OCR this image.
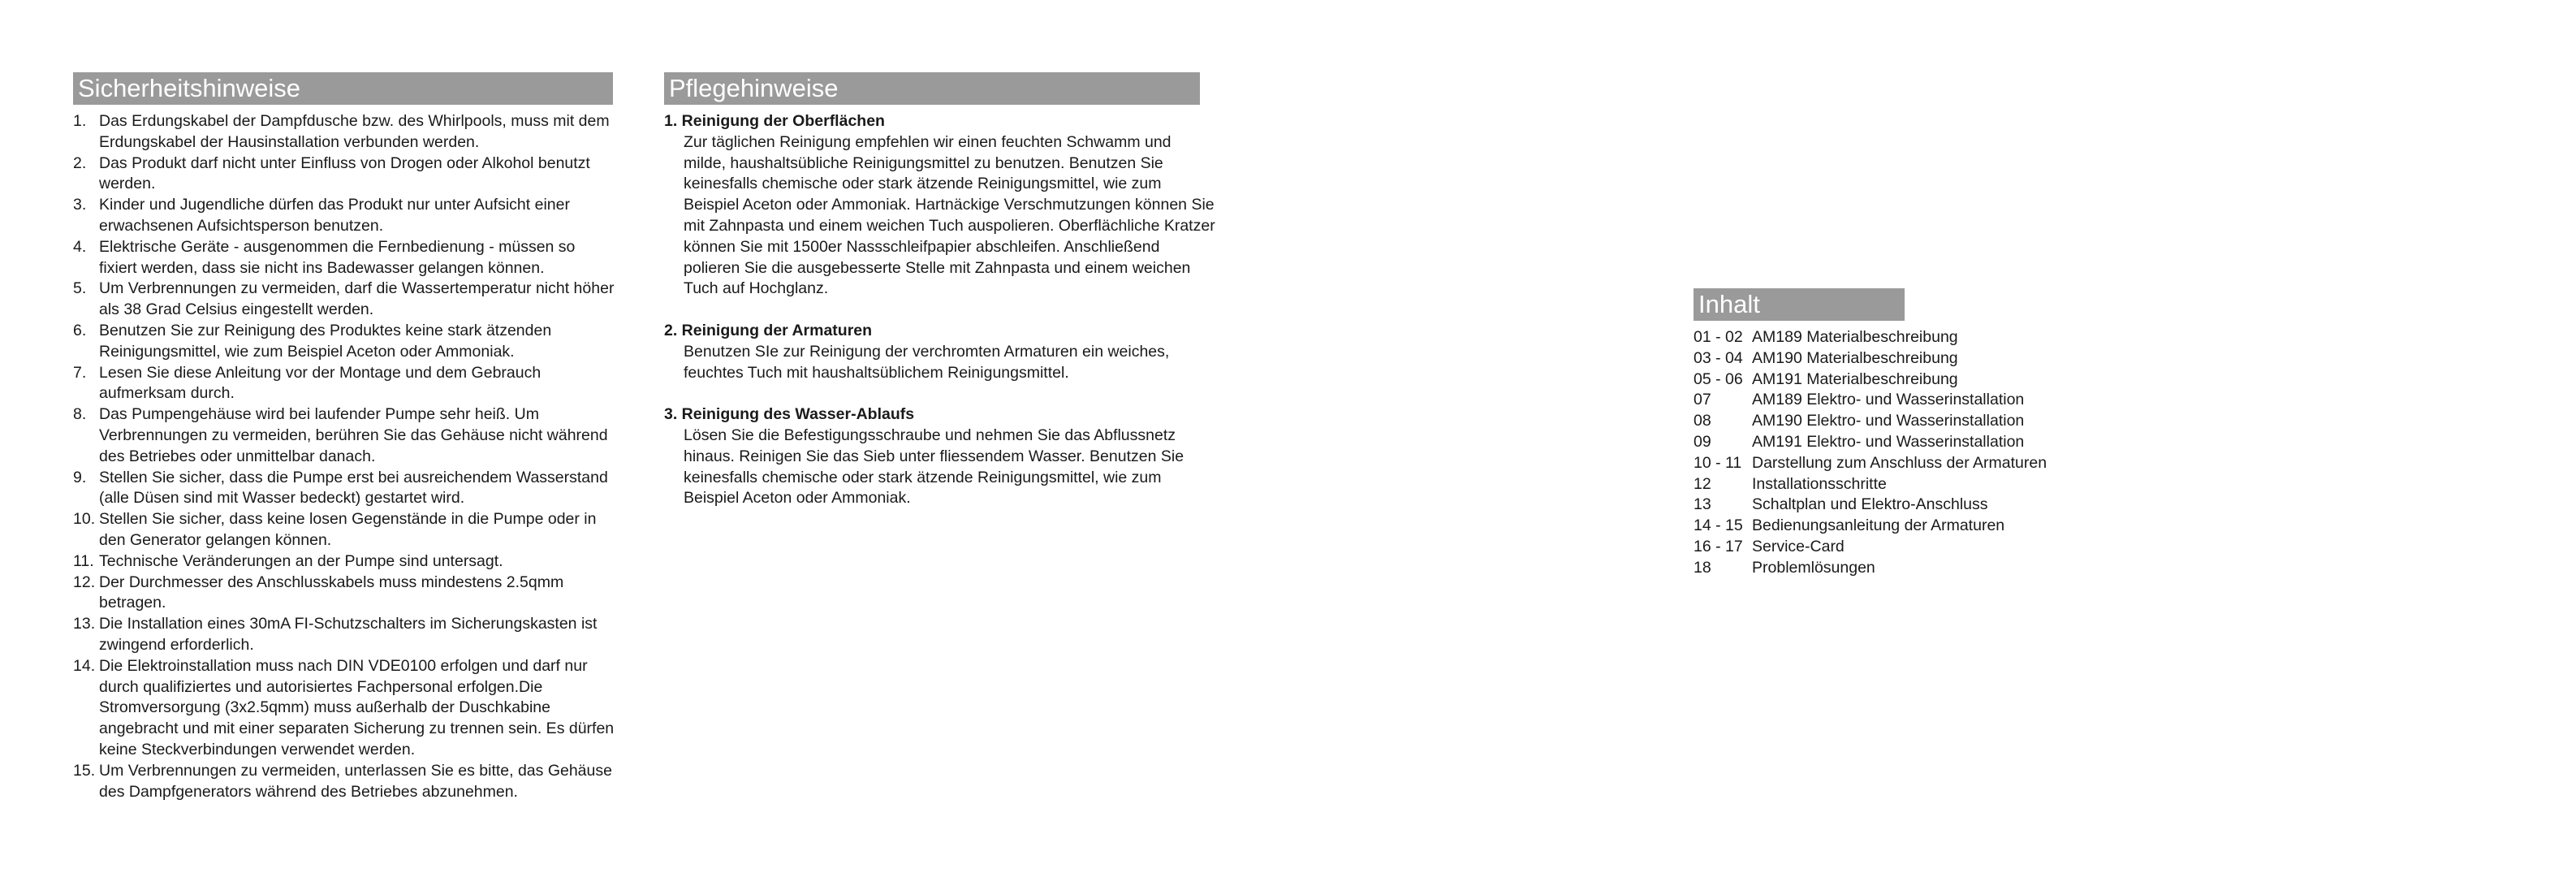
Sicherheitshinweise
1. Das Erdungskabel der Dampfdusche bzw. des Whirlpools, muss mit dem Erdungskabel der Hausinstallation verbunden werden.
2. Das Produkt darf nicht unter Einfluss von Drogen oder Alkohol benutzt werden.
3. Kinder und Jugendliche dürfen das Produkt nur unter Aufsicht einer erwachsenen Aufsichtsperson benutzen.
4. Elektrische Geräte - ausgenommen die Fernbedienung - müssen so fixiert werden, dass sie nicht ins Badewasser gelangen können.
5. Um Verbrennungen zu vermeiden, darf die Wassertemperatur nicht höher als 38 Grad Celsius eingestellt werden.
6. Benutzen Sie zur Reinigung des Produktes keine stark ätzenden Reinigungsmittel, wie zum Beispiel Aceton oder Ammoniak.
7. Lesen Sie diese Anleitung vor der Montage und dem Gebrauch aufmerksam durch.
8. Das Pumpengehäuse wird bei laufender Pumpe sehr heiß. Um Verbrennungen zu vermeiden, berühren Sie das Gehäuse nicht während des Betriebes oder unmittelbar danach.
9. Stellen Sie sicher, dass die Pumpe erst bei ausreichendem Wasserstand (alle Düsen sind mit Wasser bedeckt) gestartet wird.
10. Stellen Sie sicher, dass keine losen Gegenstände in die Pumpe oder in den Generator gelangen können.
11. Technische Veränderungen an der Pumpe sind untersagt.
12. Der Durchmesser des Anschlusskabels muss mindestens 2.5qmm betragen.
13. Die Installation eines 30mA FI-Schutzschalters im Sicherungskasten ist zwingend erforderlich.
14. Die Elektroinstallation muss nach DIN VDE0100 erfolgen und darf nur durch qualifiziertes und autorisiertes Fachpersonal erfolgen.Die Stromversorgung (3x2.5qmm) muss außerhalb der Duschkabine angebracht und mit einer separaten Sicherung zu trennen sein. Es dürfen keine Steckverbindungen verwendet werden.
15. Um Verbrennungen zu vermeiden, unterlassen Sie es bitte, das Gehäuse des Dampfgenerators während des Betriebes abzunehmen.
Pflegehinweise

1. Reinigung der Oberflächen

Zur täglichen Reinigung empfehlen wir einen feuchten Schwamm und milde, haushaltsübliche Reinigungsmittel zu benutzen. Benutzen Sie keinesfalls chemische oder stark ätzende Reinigungsmittel, wie zum Beispiel Aceton oder Ammoniak. Hartnäckige Verschmutzungen können Sie mit Zahnpasta und einem weichen Tuch auspolieren. Oberflächliche Kratzer können Sie mit 1500er Nassschleifpapier abschleifen. Anschließend polieren Sie die ausgebesserte Stelle mit Zahnpasta und einem weichen Tuch auf Hochglanz.

2. Reinigung der Armaturen

Benutzen SIe zur Reinigung der verchromten Armaturen ein weiches, feuchtes Tuch mit haushaltsüblichem Reinigungsmittel.

3. Reinigung des Wasser-Ablaufs

Lösen Sie die Befestigungsschraube und nehmen Sie das Abflussnetz hinaus. Reinigen Sie das Sieb unter fliessendem Wasser. Benutzen Sie keinesfalls chemische oder stark ätzende Reinigungsmittel, wie zum Beispiel Aceton oder Ammoniak.

Inhalt
01 - 02 AM189 Materialbeschreibung
03 - 04 AM190 Materialbeschreibung
05 - 06 AM191 Materialbeschreibung
07	AM189 Elektro- und Wasserinstallation
08	AM190 Elektro- und Wasserinstallation
09	AM191 Elektro- und Wasserinstallation
10 - 11 Darstellung zum Anschluss der Armaturen
12	Installationsschritte
13	Schaltplan und Elektro-Anschluss
14 - 15 Bedienungsanleitung der Armaturen
16 - 17 Service-Card
18	Problemlösungen
